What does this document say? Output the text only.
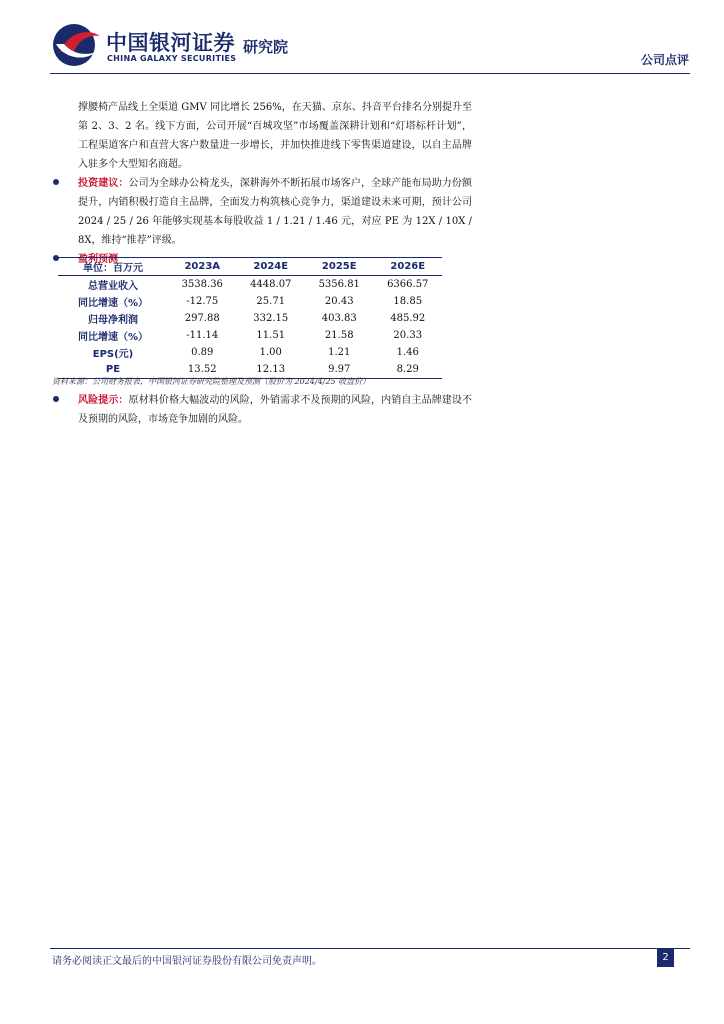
中国银河证券
CHINA GALAXY SECURITIES
研究院
公司点评

撑腰椅产品线上全渠道 GMV 同比增长 256%，在天猫、京东、抖音平台排名分别提升至第 2、3、2 名。线下方面，公司开展“百城攻坚”市场覆盖深耕计划和“灯塔标杆计划”，工程渠道客户和直营大客户数量进一步增长，并加快推进线下零售渠道建设，以自主品牌入驻多个大型知名商超。

投资建议：公司为全球办公椅龙头，深耕海外不断拓展市场客户，全球产能布局助力份额提升，内销积极打造自主品牌，全面发力构筑核心竞争力，渠道建设未来可期，预计公司 2024 / 25 / 26 年能够实现基本每股收益 1 / 1.21 / 1.46 元，对应 PE 为 12X / 10X / 8X，维持“推荐”评级。

盈利预测

单位：百万元	2023A	2024E	2025E	2026E
总营业收入	3538.36	4448.07	5356.81	6366.57
同比增速（%）	-12.75	25.71	20.43	18.85
归母净利润	297.88	332.15	403.83	485.92
同比增速（%）	-11.14	11.51	21.58	20.33
EPS(元)	0.89	1.00	1.21	1.46
PE	13.52	12.13	9.97	8.29
资料来源：公司财务报表，中国银河证券研究院整理及预测（股价为 2024/4/25 收盘价）

风险提示：原材料价格大幅波动的风险，外销需求不及预期的风险，内销自主品牌建设不及预期的风险，市场竞争加剧的风险。

请务必阅读正文最后的中国银河证券股份有限公司免责声明。	2
